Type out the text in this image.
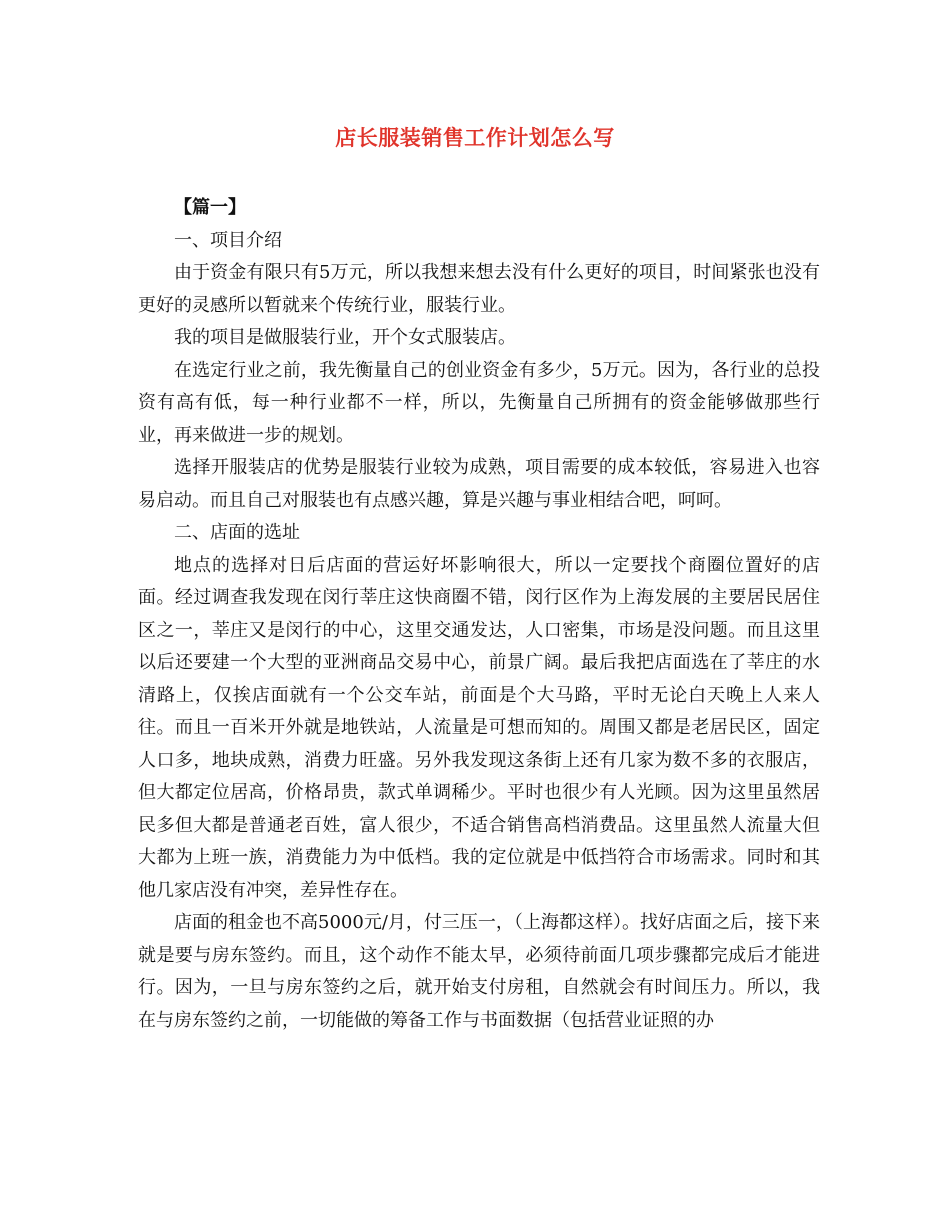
店长服装销售工作计划怎么写

【篇一】

一、项目介绍

由于资金有限只有5万元，所以我想来想去没有什么更好的项目，时间紧张也没有更好的灵感所以暂就来个传统行业，服装行业。

我的项目是做服装行业，开个女式服装店。

在选定行业之前，我先衡量自己的创业资金有多少，5万元。因为，各行业的总投资有高有低，每一种行业都不一样，所以，先衡量自己所拥有的资金能够做那些行业，再来做进一步的规划。

选择开服装店的优势是服装行业较为成熟，项目需要的成本较低，容易进入也容易启动。而且自己对服装也有点感兴趣，算是兴趣与事业相结合吧，呵呵。

二、店面的选址

地点的选择对日后店面的营运好坏影响很大，所以一定要找个商圈位置好的店面。经过调查我发现在闵行莘庄这快商圈不错，闵行区作为上海发展的主要居民居住区之一，莘庄又是闵行的中心，这里交通发达，人口密集，市场是没问题。而且这里以后还要建一个大型的亚洲商品交易中心，前景广阔。最后我把店面选在了莘庄的水清路上，仅挨店面就有一个公交车站，前面是个大马路，平时无论白天晚上人来人往。而且一百米开外就是地铁站，人流量是可想而知的。周围又都是老居民区，固定人口多，地块成熟，消费力旺盛。另外我发现这条街上还有几家为数不多的衣服店，但大都定位居高，价格昂贵，款式单调稀少。平时也很少有人光顾。因为这里虽然居民多但大都是普通老百姓，富人很少，不适合销售高档消费品。这里虽然人流量大但大都为上班一族，消费能力为中低档。我的定位就是中低挡符合市场需求。同时和其他几家店没有冲突，差异性存在。

店面的租金也不高5000元/月，付三压一，（上海都这样）。找好店面之后，接下来就是要与房东签约。而且，这个动作不能太早，必须待前面几项步骤都完成后才能进行。因为，一旦与房东签约之后，就开始支付房租，自然就会有时间压力。所以，我在与房东签约之前，一切能做的筹备工作与书面数据（包括营业证照的办
